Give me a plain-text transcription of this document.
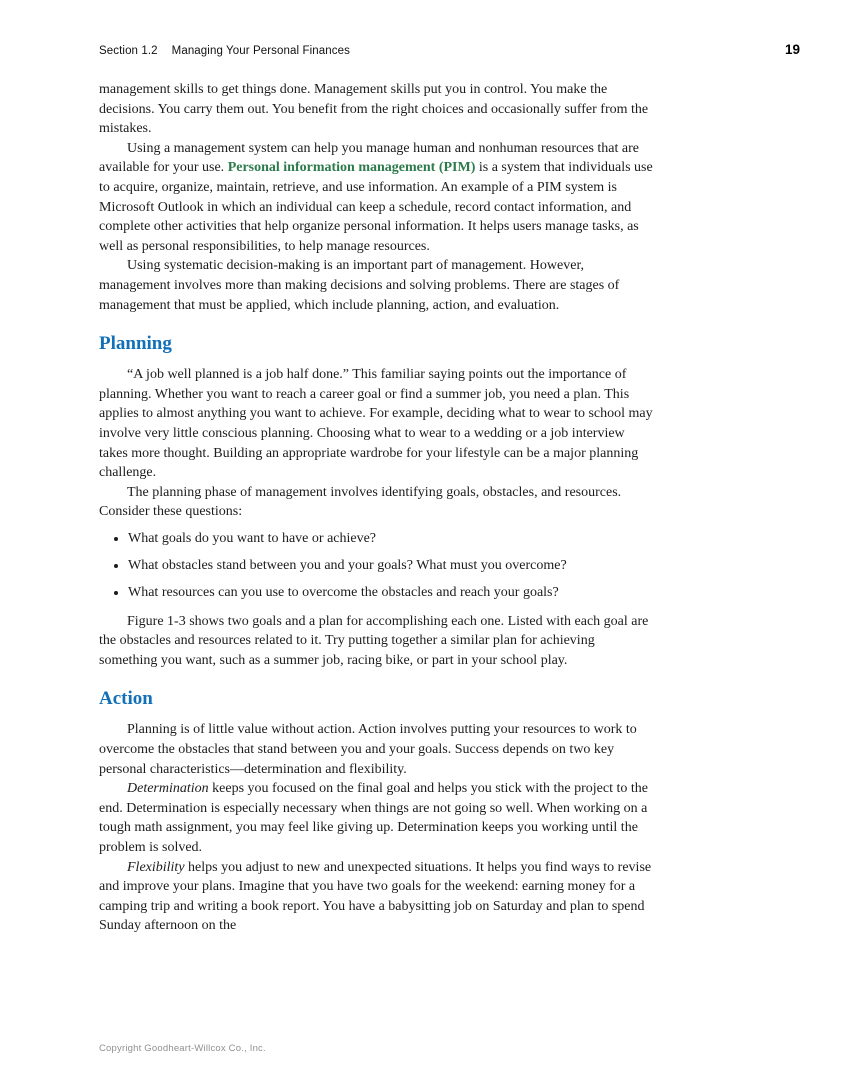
Section 1.2 Managing Your Personal Finances	19

management skills to get things done. Management skills put you in control. You make the decisions. You carry them out. You benefit from the right choices and occasionally suffer from the mistakes.

Using a management system can help you manage human and nonhuman resources that are available for your use. Personal information management (PIM) is a system that individuals use to acquire, organize, maintain, retrieve, and use information. An example of a PIM system is Microsoft Outlook in which an individual can keep a schedule, record contact information, and complete other activities that help organize personal information. It helps users manage tasks, as well as personal responsibilities, to help manage resources.

Using systematic decision-making is an important part of management. However, management involves more than making decisions and solving problems. There are stages of management that must be applied, which include planning, action, and evaluation.

Planning

“A job well planned is a job half done.” This familiar saying points out the importance of planning. Whether you want to reach a career goal or find a summer job, you need a plan. This applies to almost anything you want to achieve. For example, deciding what to wear to school may involve very little conscious planning. Choosing what to wear to a wedding or a job interview takes more thought. Building an appropriate wardrobe for your lifestyle can be a major planning challenge.

The planning phase of management involves identifying goals, obstacles, and resources. Consider these questions:

• What goals do you want to have or achieve?
• What obstacles stand between you and your goals? What must you overcome?
• What resources can you use to overcome the obstacles and reach your goals?

Figure 1-3 shows two goals and a plan for accomplishing each one. Listed with each goal are the obstacles and resources related to it. Try putting together a similar plan for achieving something you want, such as a summer job, racing bike, or part in your school play.

Action

Planning is of little value without action. Action involves putting your resources to work to overcome the obstacles that stand between you and your goals. Success depends on two key personal characteristics—determination and flexibility.

Determination keeps you focused on the final goal and helps you stick with the project to the end. Determination is especially necessary when things are not going so well. When working on a tough math assignment, you may feel like giving up. Determination keeps you working until the problem is solved.

Flexibility helps you adjust to new and unexpected situations. It helps you find ways to revise and improve your plans. Imagine that you have two goals for the weekend: earning money for a camping trip and writing a book report. You have a babysitting job on Saturday and plan to spend Sunday afternoon on the

Copyright Goodheart-Willcox Co., Inc.
